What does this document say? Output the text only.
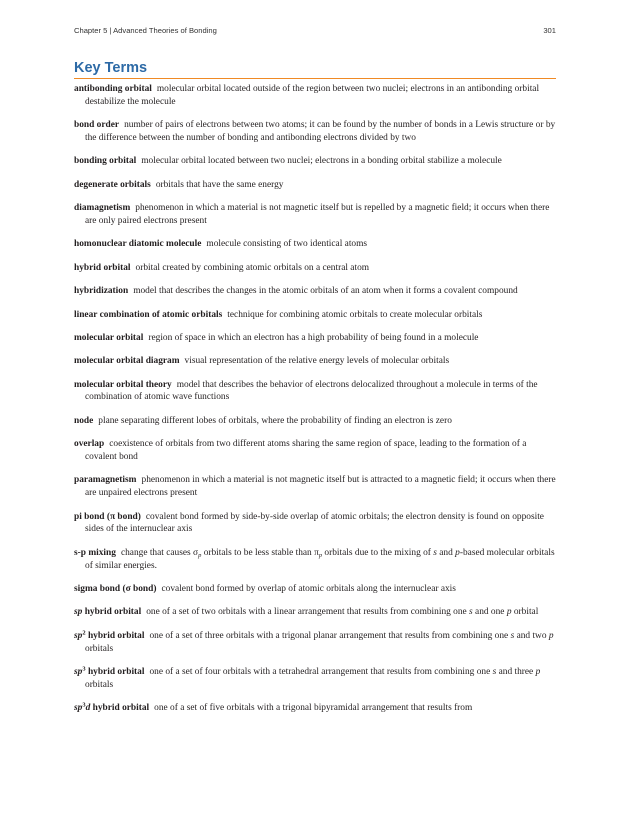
Chapter 5 | Advanced Theories of Bonding	301
Key Terms

antibonding orbital molecular orbital located outside of the region between two nuclei; electrons in an antibonding orbital destabilize the molecule

bond order number of pairs of electrons between two atoms; it can be found by the number of bonds in a Lewis structure or by the difference between the number of bonding and antibonding electrons divided by two

bonding orbital molecular orbital located between two nuclei; electrons in a bonding orbital stabilize a molecule

degenerate orbitals orbitals that have the same energy

diamagnetism phenomenon in which a material is not magnetic itself but is repelled by a magnetic field; it occurs when there are only paired electrons present

homonuclear diatomic molecule molecule consisting of two identical atoms

hybrid orbital orbital created by combining atomic orbitals on a central atom

hybridization model that describes the changes in the atomic orbitals of an atom when it forms a covalent compound

linear combination of atomic orbitals technique for combining atomic orbitals to create molecular orbitals

molecular orbital region of space in which an electron has a high probability of being found in a molecule

molecular orbital diagram visual representation of the relative energy levels of molecular orbitals

molecular orbital theory model that describes the behavior of electrons delocalized throughout a molecule in terms of the combination of atomic wave functions

node plane separating different lobes of orbitals, where the probability of finding an electron is zero

overlap coexistence of orbitals from two different atoms sharing the same region of space, leading to the formation of a covalent bond

paramagnetism phenomenon in which a material is not magnetic itself but is attracted to a magnetic field; it occurs when there are unpaired electrons present

pi bond (π bond) covalent bond formed by side-by-side overlap of atomic orbitals; the electron density is found on opposite sides of the internuclear axis

s-p mixing change that causes $\sigma_p$ orbitals to be less stable than $\pi_p$ orbitals due to the mixing of s and p-based molecular orbitals of similar energies.

sigma bond (σ bond) covalent bond formed by overlap of atomic orbitals along the internuclear axis

sp hybrid orbital one of a set of two orbitals with a linear arrangement that results from combining one s and one p orbital

$sp^2$ hybrid orbital one of a set of three orbitals with a trigonal planar arrangement that results from combining one s and two p orbitals

$sp^3$ hybrid orbital one of a set of four orbitals with a tetrahedral arrangement that results from combining one s and three p orbitals

$sp^3d$ hybrid orbital one of a set of five orbitals with a trigonal bipyramidal arrangement that results from
